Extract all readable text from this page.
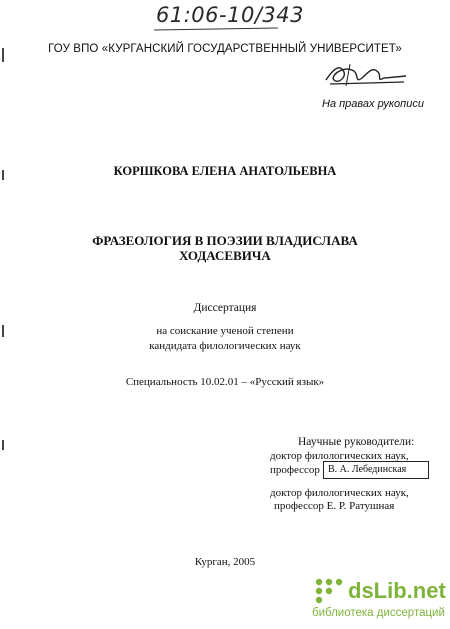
61:06-10/343
ГОУ ВПО «КУРГАНСКИЙ ГОСУДАРСТВЕННЫЙ УНИВЕРСИТЕТ»
На правах рукописи
КОРШКОВА ЕЛЕНА АНАТОЛЬЕВНА
ФРАЗЕОЛОГИЯ В ПОЭЗИИ ВЛАДИСЛАВА
ХОДАСЕВИЧА
Диссертация
на соискание ученой степени
кандидата филологических наук
Специальность 10.02.01 – «Русский язык»
Научные руководители:
доктор филологических наук,
профессор В. А. Лебединская
доктор филологических наук,
профессор Е. Р. Ратушная
Курган, 2005
dsLib.net
библиотека диссертаций
